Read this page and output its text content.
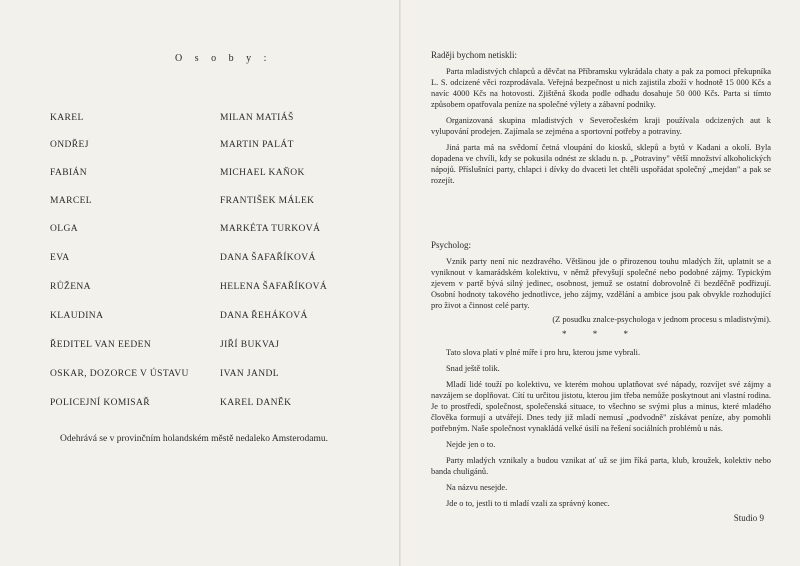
O s o b y :
KAREL	MILAN MATIÁŠ
ONDŘEJ	MARTIN PALÁT
FABIÁN	MICHAEL KAŇOK
MARCEL	FRANTIŠEK MÁLEK
OLGA	MARKÉTA TURKOVÁ
EVA	DANA ŠAFAŘÍKOVÁ
RŮŽENA	HELENA ŠAFAŘÍKOVÁ
KLAUDINA	DANA ŘEHÁKOVÁ
ŘEDITEL VAN EEDEN	JIŘÍ BUKVAJ
OSKAR, DOZORCE V ÚSTAVU	IVAN JANDL
POLICEJNÍ KOMISAŘ	KAREL DANĚK
Odehrává se v provinčním holandském městě nedaleko Amsterodamu.

Raději bychom netiskli:

Parta mladistvých chlapců a děvčat na Příbramsku vykrádala chaty a pak za pomoci překupníka L. S. odcizené věci rozprodávala. Veřejná bezpečnost u nich zajistila zboží v hodnotě 15 000 Kčs a navíc 4000 Kčs na hotovosti. Zjištěná škoda podle odhadu dosahuje 50 000 Kčs. Parta si tímto způsobem opatřovala peníze na společné výlety a zábavní podniky.

Organizovaná skupina mladistvých v Severočeském kraji používala odcizených aut k vylupování prodejen. Zajímala se zejména a sportovní potřeby a potraviny.

Jiná parta má na svědomí četná vloupání do kiosků, sklepů a bytů v Kadani a okolí. Byla dopadena ve chvíli, kdy se pokusila odnést ze skladu n. p. „Potraviny" větší množství alkoholických nápojů. Příslušníci party, chlapci i dívky do dvaceti let chtěli uspořádat společný „mejdan" a pak se rozejít.

Psycholog:

Vznik party není nic nezdravého. Většinou jde o přirozenou touhu mladých žít, uplatnit se a vyniknout v kamarádském kolektivu, v němž převyšují společné nebo podobné zájmy. Typickým zjevem v partě bývá silný jedinec, osobnost, jemuž se ostatní dobrovolně či bezděčně podřizují. Osobní hodnoty takového jednotlivce, jeho zájmy, vzdělání a ambice jsou pak obvykle rozhodující pro život a činnost celé party.

(Z posudku znalce-psychologa v jednom procesu s mladistvými).

* * *

Tato slova platí v plné míře i pro hru, kterou jsme vybrali.

Snad ještě tolik.

Mladí lidé touží po kolektivu, ve kterém mohou uplatňovat své nápady, rozvíjet své zájmy a navzájem se doplňovat. Cítí tu určitou jistotu, kterou jim třeba nemůže poskytnout ani vlastní rodina. Je to prostředí, společnost, společenská situace, to všechno se svými plus a minus, které mladého člověka formují a utvářejí. Dnes tedy již mladí nemusí „podvodně" získávat peníze, aby pomohli potřebným. Naše společnost vynakládá velké úsilí na řešení sociálních problémů u nás.

Nejde jen o to.

Party mladých vznikaly a budou vznikat ať už se jim říká parta, klub, kroužek, kolektiv nebo banda chuligánů.

Na názvu nesejde.

Jde o to, jestli to ti mladí vzali za správný konec.

Studio 9
